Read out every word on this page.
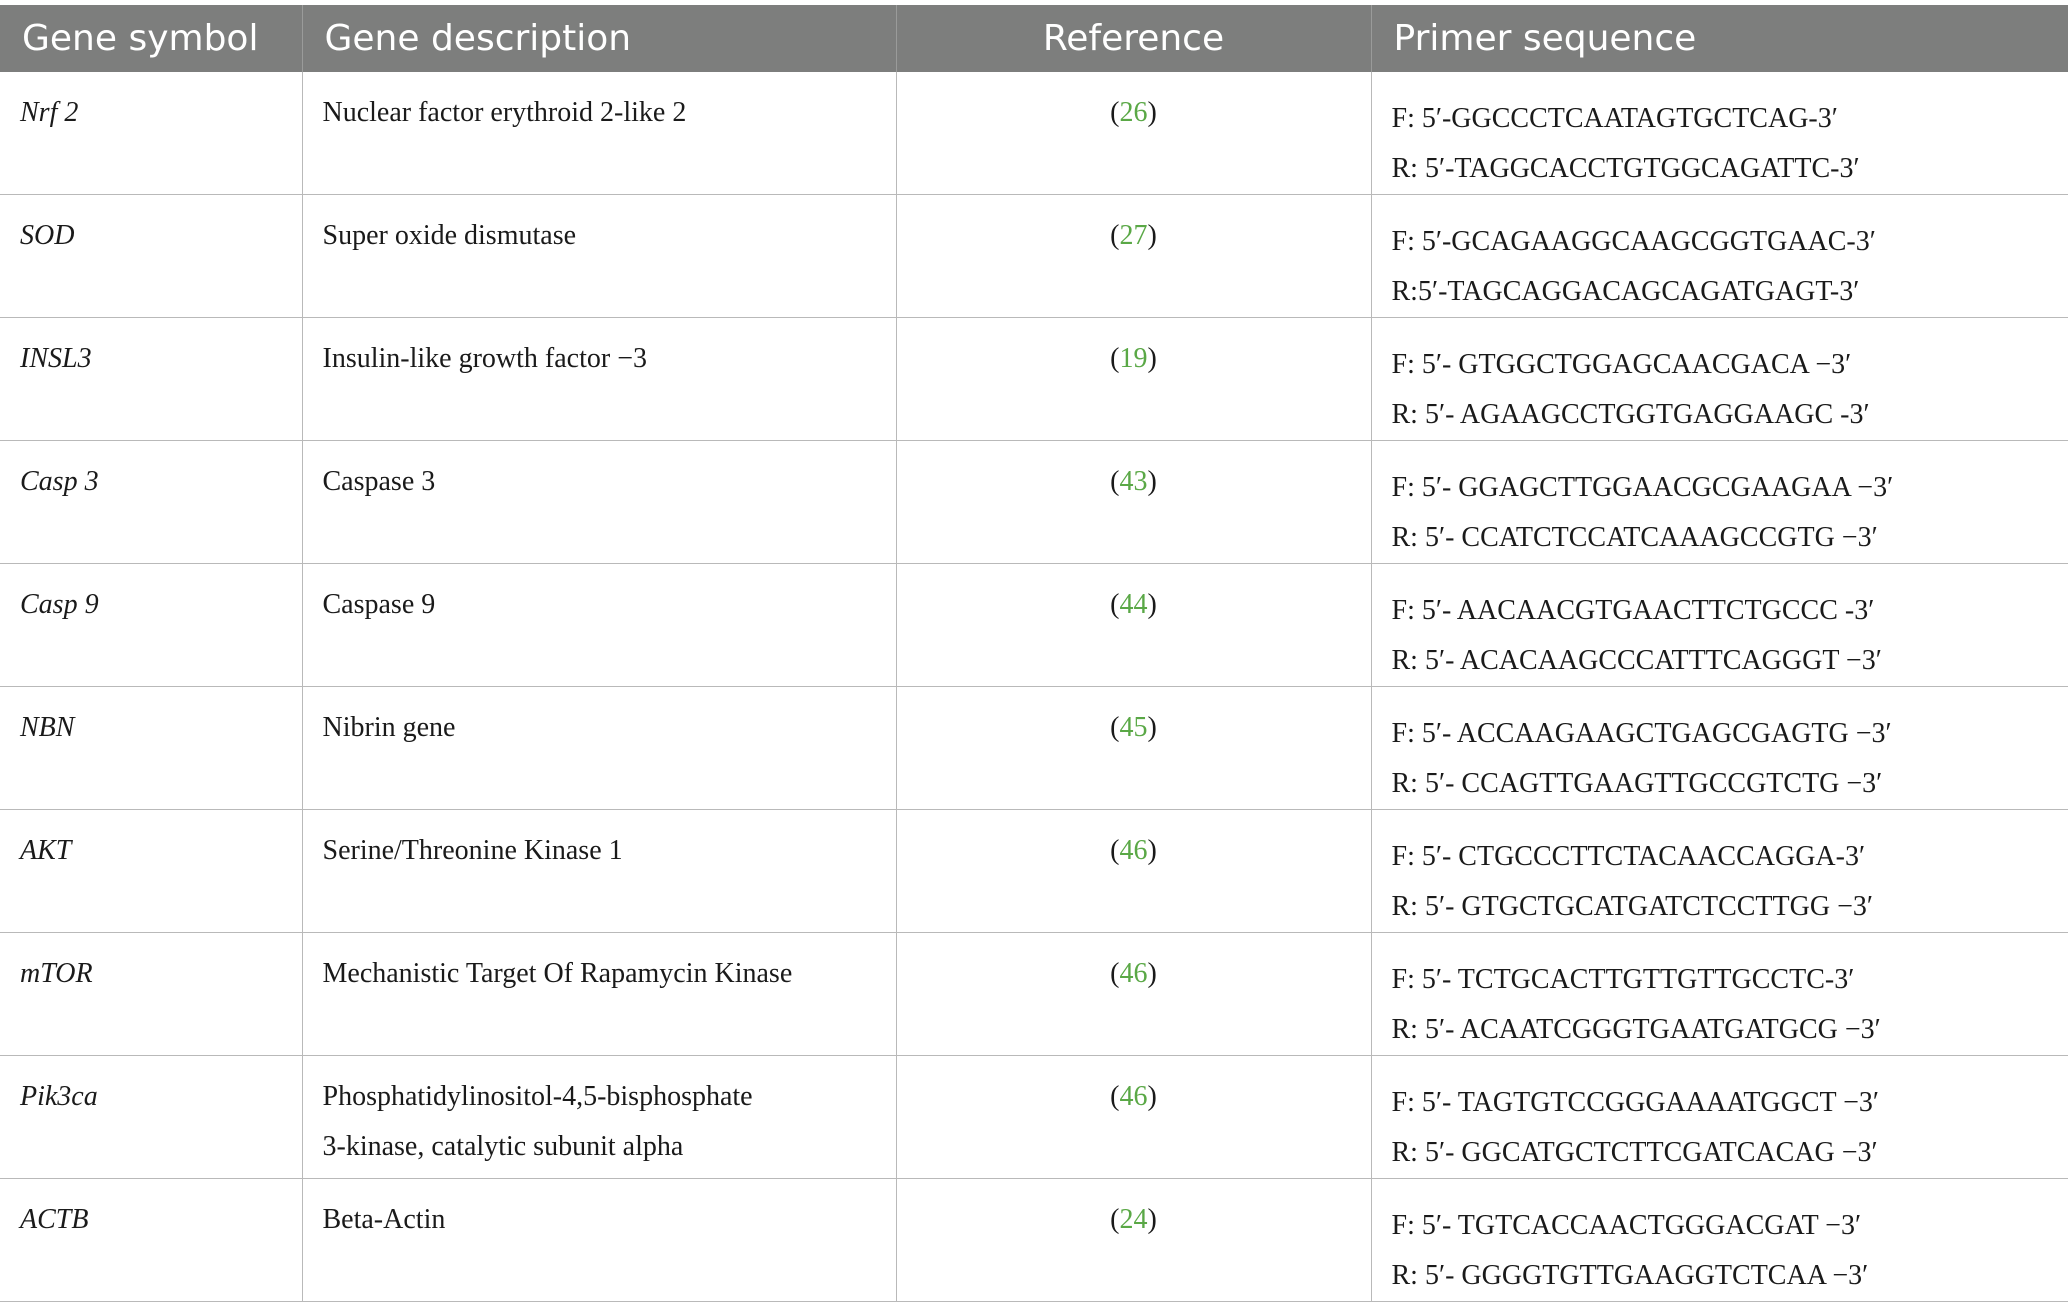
Gene symbol	Gene description	Reference	Primer sequence

Nrf 2	Nuclear factor erythroid 2-like 2	(26)	F: 5′-GGCCCTCAATAGTGCTCAG-3′
R: 5′-TAGGCACCTGTGGCAGATTC-3′

SOD	Super oxide dismutase	(27)	F: 5′-GCAGAAGGCAAGCGGTGAAC-3′
R:5′-TAGCAGGACAGCAGATGAGT-3′

INSL3	Insulin-like growth factor −3	(19)	F: 5′- GTGGCTGGAGCAACGACA −3′
R: 5′- AGAAGCCTGGTGAGGAAGC -3′

Casp 3	Caspase 3	(43)	F: 5′- GGAGCTTGGAACGCGAAGAA −3′
R: 5′- CCATCTCCATCAAAGCCGTG −3′

Casp 9	Caspase 9	(44)	F: 5′- AACAACGTGAACTTCTGCCC -3′
R: 5′- ACACAAGCCCATTTCAGGGT −3′

NBN	Nibrin gene	(45)	F: 5′- ACCAAGAAGCTGAGCGAGTG −3′
R: 5′- CCAGTTGAAGTTGCCGTCTG −3′

AKT	Serine/Threonine Kinase 1	(46)	F: 5′- CTGCCCTTCTACAACCAGGA-3′
R: 5′- GTGCTGCATGATCTCCTTGG −3′

mTOR	Mechanistic Target Of Rapamycin Kinase	(46)	F: 5′- TCTGCACTTGTTGTTGCCTC-3′
R: 5′- ACAATCGGGTGAATGATGCG −3′

Pik3ca	Phosphatidylinositol-4,5-bisphosphate
3-kinase, catalytic subunit alpha	(46)	F: 5′- TAGTGTCCGGGAAAATGGCT −3′
R: 5′- GGCATGCTCTTCGATCACAG −3′

ACTB	Beta-Actin	(24)	F: 5′- TGTCACCAACTGGGACGAT −3′
R: 5′- GGGGTGTTGAAGGTCTCAA −3′
